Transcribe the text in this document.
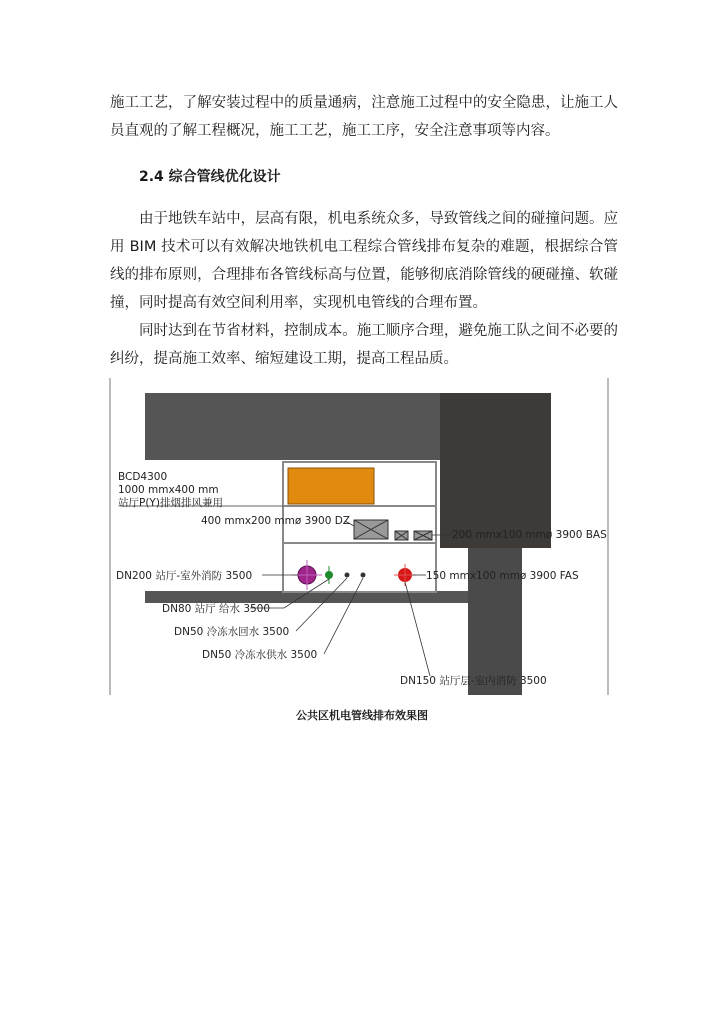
施工工艺，了解安装过程中的质量通病，注意施工过程中的安全隐患，让施工人员直观的了解工程概况，施工工艺，施工工序，安全注意事项等内容。

2.4 综合管线优化设计

由于地铁车站中，层高有限，机电系统众多，导致管线之间的碰撞问题。应用 BIM 技术可以有效解决地铁机电工程综合管线排布复杂的难题，根据综合管线的排布原则，合理排布各管线标高与位置，能够彻底消除管线的硬碰撞、软碰撞，同时提高有效空间利用率，实现机电管线的合理布置。

同时达到在节省材料，控制成本。施工顺序合理，避免施工队之间不必要的纠纷，提高施工效率、缩短建设工期，提高工程品质。

BCD4300
1000 mmx400 mm
站厅P(Y)排烟排风兼用
400 mmx200 mmø 3900 DZ
200 mmx100 mmø 3900 BAS
DN200 站厅-室外消防 3500	150 mmx100 mmø 3900 FAS
DN80 站厅 给水 3500
DN50 冷冻水回水 3500
DN50 冷冻水供水 3500
DN150 站厅层-室内消防 3500
公共区机电管线排布效果图
